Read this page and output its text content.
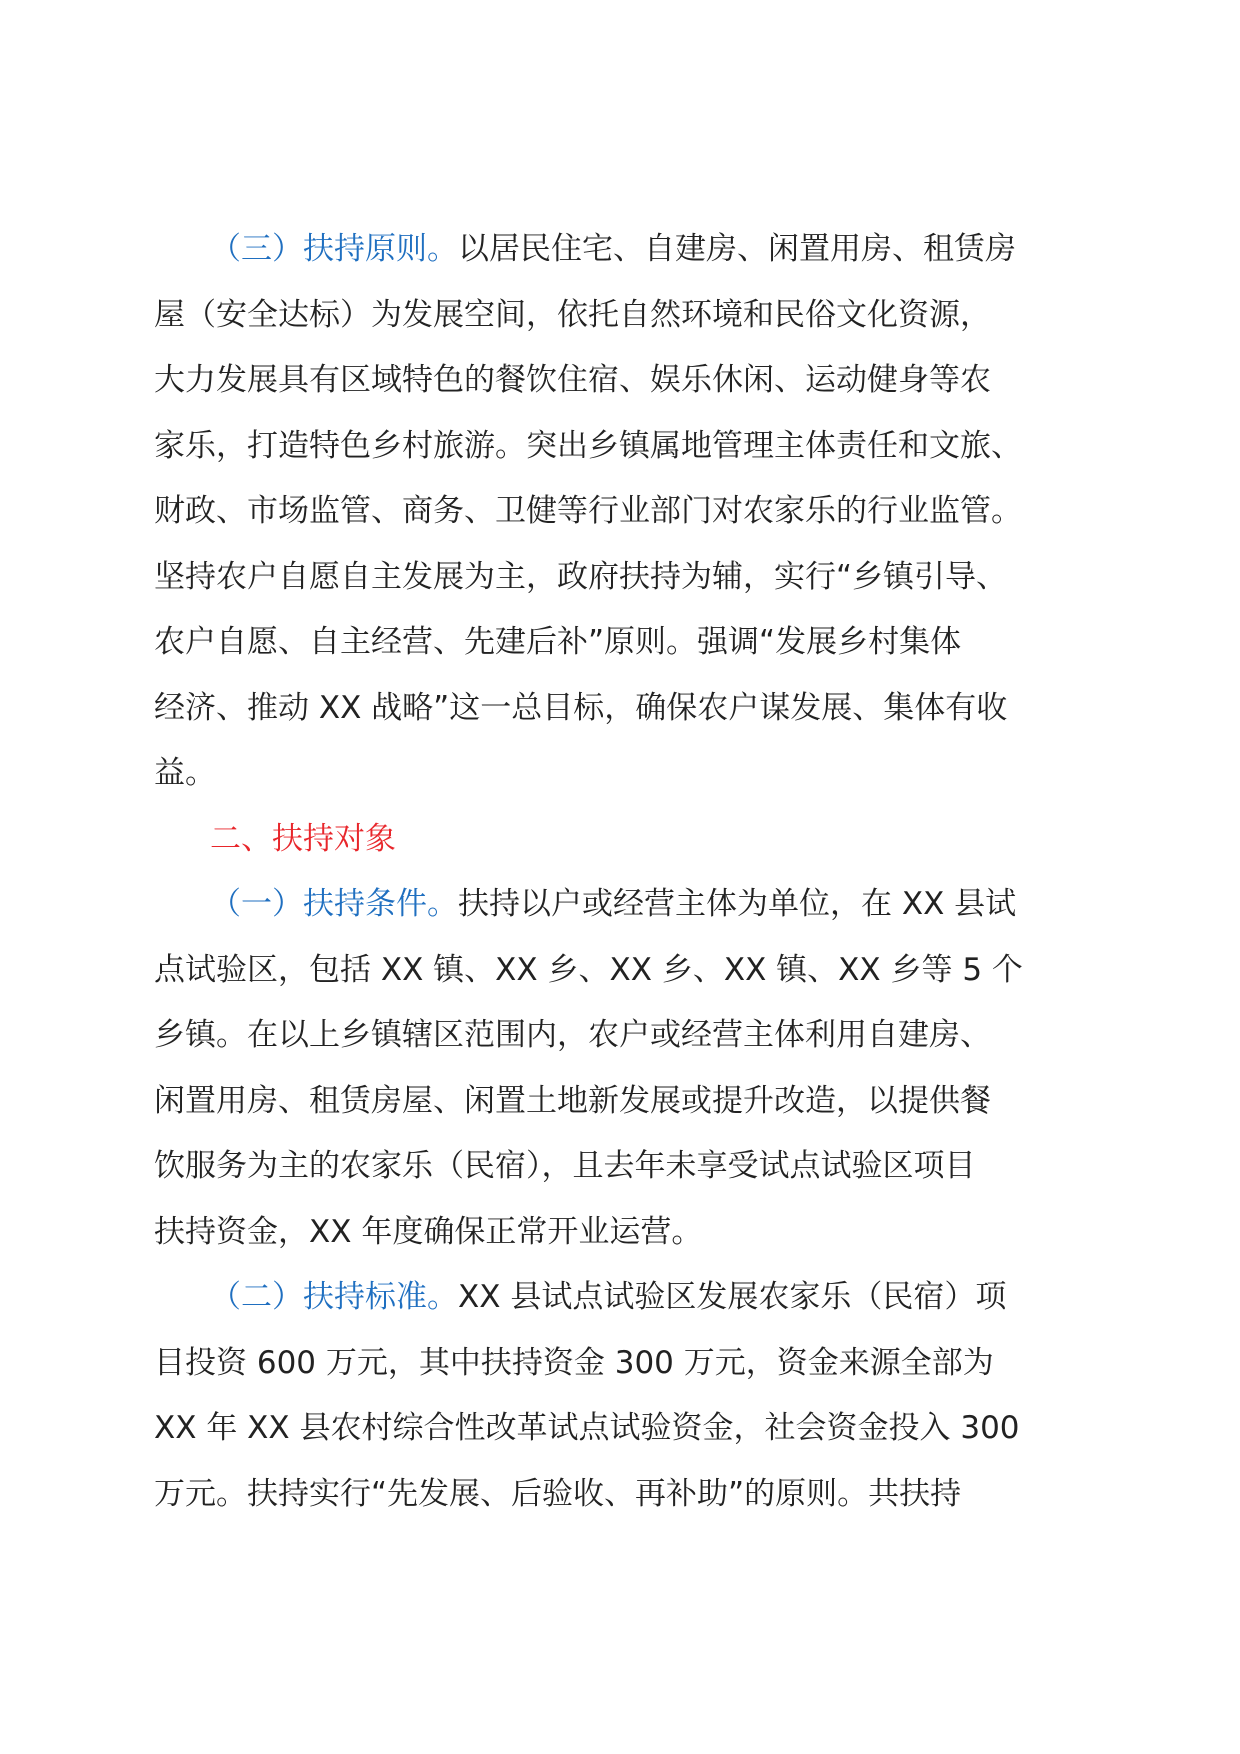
（三）扶持原则。以居民住宅、自建房、闲置用房、租赁房
屋（安全达标）为发展空间，依托自然环境和民俗文化资源，
大力发展具有区域特色的餐饮住宿、娱乐休闲、运动健身等农
家乐，打造特色乡村旅游。突出乡镇属地管理主体责任和文旅、
财政、市场监管、商务、卫健等行业部门对农家乐的行业监管。
坚持农户自愿自主发展为主，政府扶持为辅，实行“乡镇引导、
农户自愿、自主经营、先建后补”原则。强调“发展乡村集体
经济、推动 XX 战略”这一总目标，确保农户谋发展、集体有收
益。
二、扶持对象
（一）扶持条件。扶持以户或经营主体为单位，在 XX 县试
点试验区，包括 XX 镇、XX 乡、XX 乡、XX 镇、XX 乡等 5 个
乡镇。在以上乡镇辖区范围内，农户或经营主体利用自建房、
闲置用房、租赁房屋、闲置土地新发展或提升改造，以提供餐
饮服务为主的农家乐（民宿），且去年未享受试点试验区项目
扶持资金，XX 年度确保正常开业运营。
（二）扶持标准。XX 县试点试验区发展农家乐（民宿）项
目投资 600 万元，其中扶持资金 300 万元，资金来源全部为
XX 年 XX 县农村综合性改革试点试验资金，社会资金投入 300
万元。扶持实行“先发展、后验收、再补助”的原则。共扶持
